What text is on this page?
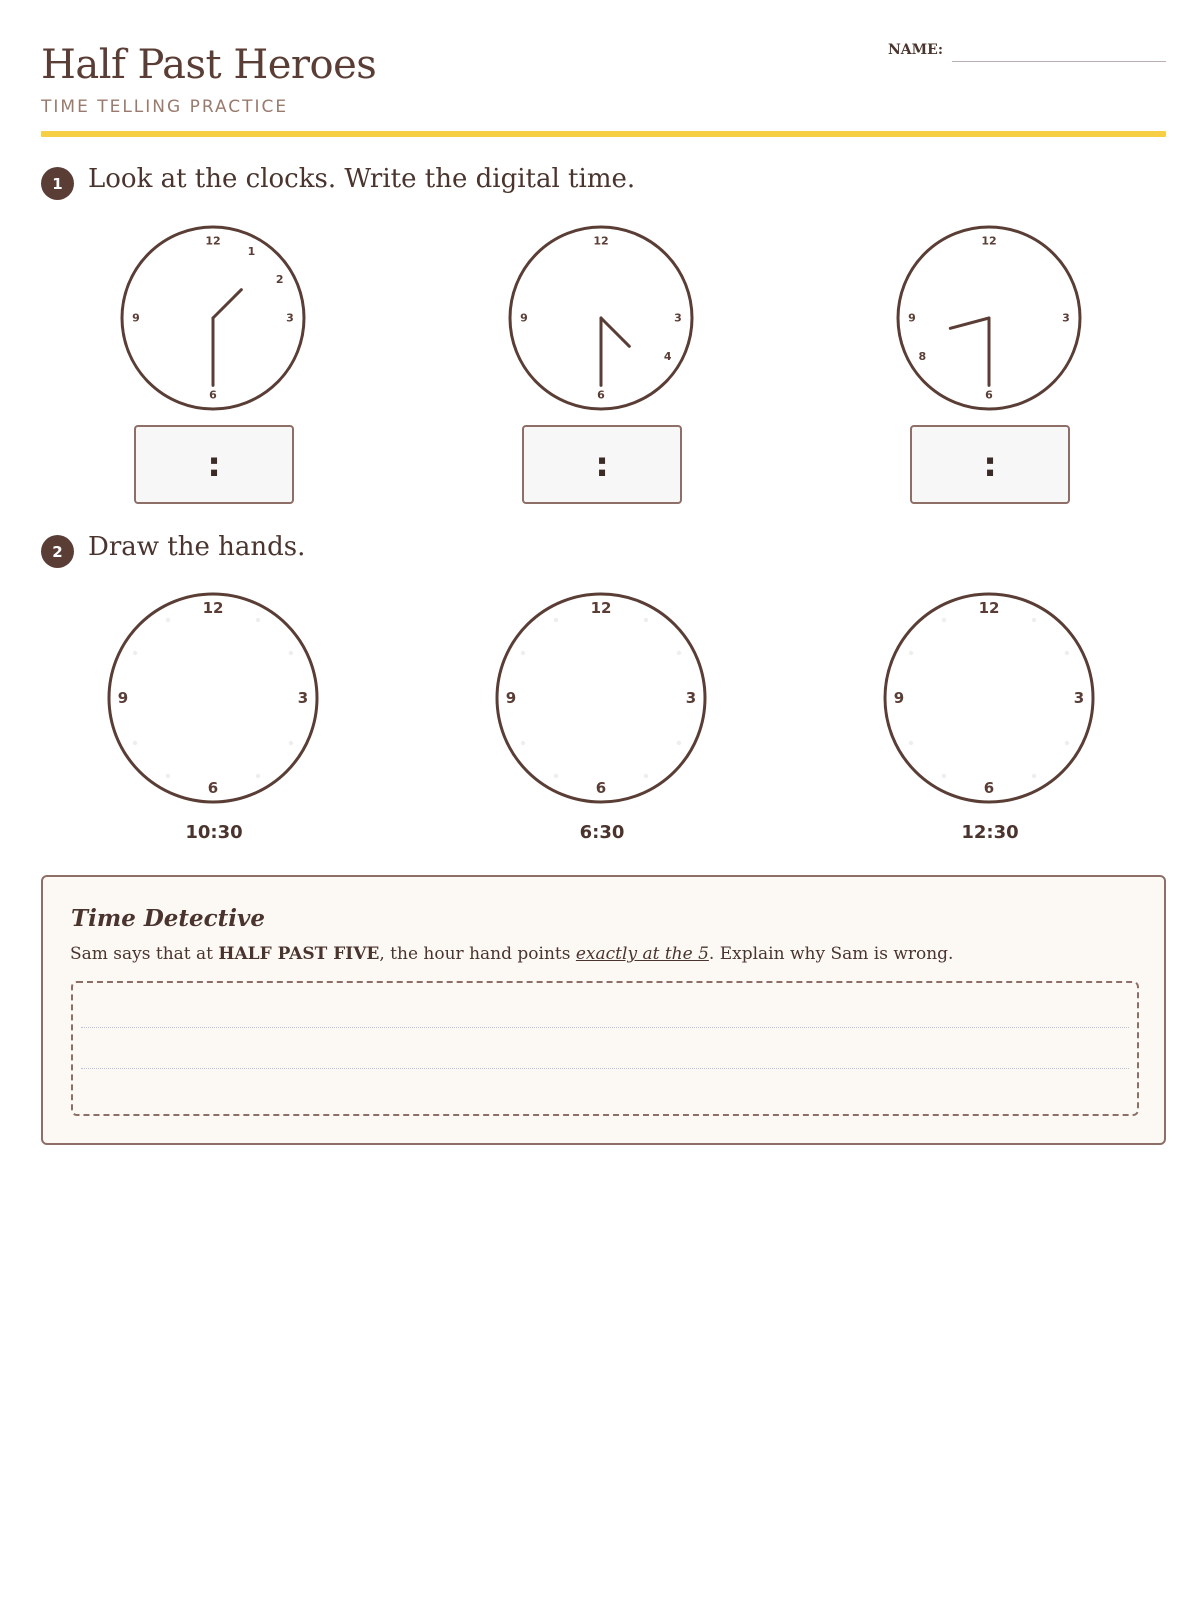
Half Past Heroes
TIME TELLING PRACTICE
NAME:
1 Look at the clocks. Write the digital time.
12
1
2
3
6
9
12
3
4
6
9
12
3
6
8
9
:	:	:
2 Draw the hands.
12
3
6
9
12
3
6
9
12
3
6
9
10:30	6:30	12:30
Time Detective
Sam says that at HALF PAST FIVE, the hour hand points exactly at the 5. Explain why Sam is wrong.
